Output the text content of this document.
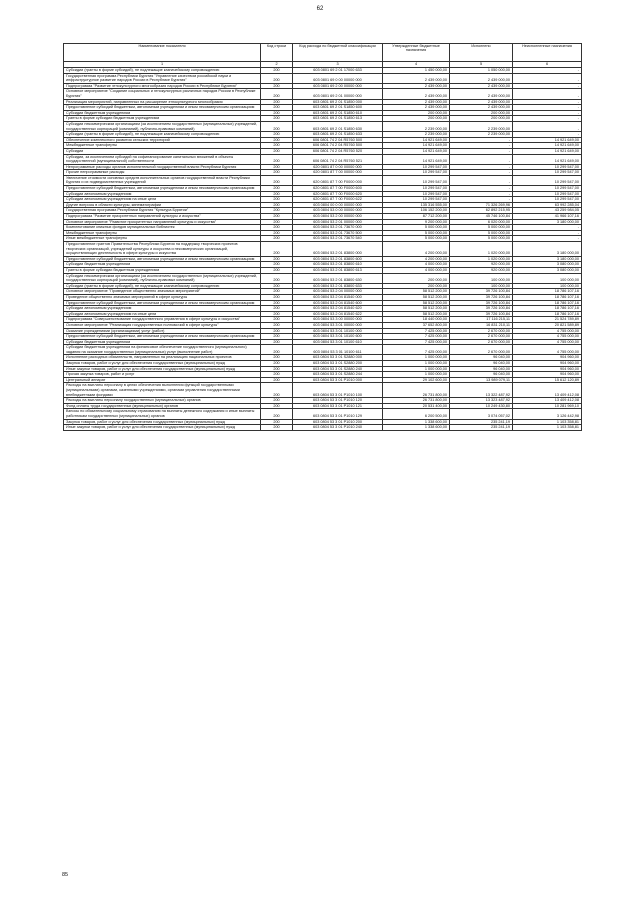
62
Наименование показателя	Код строки	Код расхода по бюджетной классификации	Утвержденные бюджетные назначения	Исполнено	Неисполненные назначения
1	2	3	4	5	6
Субсидии (гранты в форме субсидий), не подлежащие казначейскому сопровождению	200	603 0801 69 2 01 17000 633	1 450 000,00	1 050 000,00	-
Государственная программа Республики Бурятия "Управление качеством российской науки и инфраструктурное развитие народов России в Республике Бурятия"	200	603 0801 69 0 00 00000 000	2 439 000,00	2 439 000,00	-
Подпрограмма "Развитие этнокультурного многообразия народов России в Республике Бурятия"	200	603 0801 69 2 00 00000 000	2 439 000,00	2 439 000,00	-
Основное мероприятие "Создание социальных и этнокультурных различных народов России в Республике Бурятия"	200	603 0801 69 2 01 00000 000	2 439 000,00	2 439 000,00	-
Реализация мероприятий, направленных на расширение этнокультурного многообразия	200	603 0801 69 2 01 S1850 000	2 439 000,00	2 439 000,00	-
Предоставление субсидий бюджетным, автономным учреждениям и иным некоммерческим организациям	200	603 0801 69 2 01 S1850 600	2 439 000,00	2 439 000,00	-
Субсидии бюджетным учреждениям	200	603 0801 69 2 01 S1850 610	200 000,00	200 000,00	-
Гранты в форме субсидии бюджетным учреждениям	200	603 0801 69 2 01 S1850 613	200 000,00	200 000,00	-
Субсидии некоммерческим организациям (за исключением государственных (муниципальных) учреждений, государственных корпораций (компаний), публично-правовых компаний)	200	603 0801 69 2 01 S1850 630	2 239 000,00	2 239 000,00	-
Субсидии (гранты в форме субсидий), не подлежащие казначейскому сопровождению	200	603 0801 69 2 01 S1850 633	2 239 000,00	2 239 000,00	-
Обеспечение комплексного развития сельских территорий	200	606 0801 74 2 04 R5760 500	14 921 649,00	-	14 921 649,00
Межбюджетные трансферты	200	606 0801 74 2 04 R5760 500	14 921 649,00	-	14 921 649,00
Субсидии	200	606 0801 74 2 04 R5760 520	14 921 649,00	-	14 921 649,00
Субсидии, за исключением субсидий на софинансирование капитальных вложений в объекты государственной (муниципальной) собственности	200	606 0801 74 2 04 R5760 521	14 921 649,00	-	14 921 649,00
Непрограммные расходы органов исполнительной государственной власти Республики Бурятия	200	620 0801 87 0 00 00000 000	10 299 547,00	-	10 299 547,00
Прочие непрограммные расходы	200	620 0801 87 7 00 00000 000	10 299 547,00	-	10 299 547,00
Увеличение стоимости основных средств исполнительных органов государственной власти Республики Бурятия и их подведомственных учреждений	200	620 0801 87 7 00 F0000 000	10 299 547,00	-	10 299 547,00
Предоставление субсидий бюджетным, автономным учреждениям и иным некоммерческим организациям	200	620 0801 87 7 00 F0000 600	10 299 547,00	-	10 299 547,00
Субсидии автономным учреждениям	200	620 0801 87 7 00 F0000 620	10 299 547,00	-	10 299 547,00
Субсидии автономным учреждениям на иные цели	200	620 0801 87 7 00 F0000 622	10 299 547,00	-	10 299 547,00
Другие вопросы в области культуры, кинематографии	200	603 0804 00 0 00 00000 000	135 316 555,00	71 326 269,96	63 992 285,04
Государственная программа Республики Бурятия "Культура Бурятии"	200	603 0804 53 0 00 00000 000	106 152 200,00	62 892 215,95	43 259 984,05
Подпрограмма "Развитие приоритетных направлений культуры и искусства"	200	603 0804 53 2 00 00000 000	87 712 200,00	45 746 100,84	41 966 107,16
Основное мероприятие "Развитие приоритетных направлений культуры и искусства"	200	603 0804 53 2 01 00000 000	9 200 000,00	6 020 000,00	3 180 000,00
Комплектование книжных фондов муниципальных библиотек	200	603 0804 53 2 01 73670 000	5 000 000,00	5 000 000,00	-
Межбюджетные трансферты	200	603 0804 53 2 01 73670 500	5 000 000,00	5 000 000,00	-
Иные межбюджетные трансферты	200	603 0804 53 2 01 73670 540	5 000 000,00	5 000 000,00	-
Предоставление грантов Правительства Республики Бурятия на поддержку творческих проектов творческих организаций, учреждений культуры и искусства и некоммерческих организаций, осуществляющих деятельность в сфере культуры и искусства	200	603 0804 53 2 01 83800 000	4 200 000,00	1 020 000,00	3 180 000,00
Предоставление субсидий бюджетным, автономным учреждениям и иным некоммерческим организациям	200	603 0804 53 2 01 83800 600	4 200 000,00	1 020 000,00	3 180 000,00
Субсидии бюджетным учреждениям	200	603 0804 53 2 01 83800 610	4 000 000,00	920 000,00	3 080 000,00
Гранты в форме субсидии бюджетным учреждениям	200	603 0804 53 2 01 83800 613	4 000 000,00	920 000,00	3 080 000,00
Субсидии некоммерческим организациям (за исключением государственных (муниципальных) учреждений, государственных корпораций (компаний), публично-правовых компаний)	200	603 0804 53 2 01 83800 630	200 000,00	100 000,00	100 000,00
Субсидии (гранты в форме субсидий), не подлежащие казначейскому сопровождению	200	603 0804 53 2 01 83800 633	200 000,00	100 000,00	100 000,00
Основное мероприятие "Проведение общественно значимых мероприятий"	200	603 0804 53 2 04 00000 000	58 512 200,00	39 726 100,84	18 786 107,16
Проведение общественно значимых мероприятий в сфере культуры	200	603 0804 53 2 04 81540 000	58 512 200,00	39 726 100,84	18 786 107,16
Предоставление субсидий бюджетным, автономным учреждениям и иным некоммерческим организациям	200	603 0804 53 2 04 81540 600	58 512 200,00	39 726 100,84	18 786 107,16
Субсидии автономным учреждениям	200	603 0804 53 2 04 81540 620	58 512 200,00	39 726 100,84	18 786 107,16
Субсидии автономным учреждениям на иные цели	200	603 0804 53 2 04 81540 622	58 512 200,00	39 726 100,84	18 786 107,16
Подпрограмма "Совершенствование государственного управления в сфере культуры и искусства"	200	603 0804 53 3 00 00000 000	18 440 000,00	17 116 215,11	21 524 789,89
Основное мероприятие "Реализация государственных полномочий в сфере культуры"	200	603 0804 53 3 01 00000 000	37 652 800,00	16 831 210,11	20 821 589,89
Оказание учреждениями (организациями) услуг (работ)	200	603 0804 53 3 01 10100 000	7 425 000,00	2 670 000,00	4 755 000,00
Предоставление субсидий бюджетным, автономным учреждениям и иным некоммерческим организациям	200	603 0804 53 3 01 10100 600	7 425 000,00	2 670 000,00	4 755 000,00
Субсидии бюджетным учреждениям	200	603 0804 53 3 01 10100 610	7 425 000,00	2 670 000,00	4 755 000,00
Субсидии бюджетным учреждениям на финансовое обеспечение государственного (муниципального) задания на оказание государственных (муниципальных) услуг (выполнение работ)	200	603 0804 53 3 01 10100 611	7 425 000,00	2 670 000,00	4 755 000,00
Исполнение расходных обязательств, направленных на реализацию национальных проектов	200	603 0804 53 3 01 S2880 000	1 000 000,00	96 040,00	904 960,00
Закупка товаров, работ и услуг для обеспечения государственных (муниципальных) нужд	200	603 0804 53 3 01 S2880 200	1 000 000,00	96 040,00	904 960,00
Иные закупки товаров, работ и услуг для обеспечения государственных (муниципальных) нужд	200	603 0804 53 3 01 S2880 240	1 000 000,00	96 040,00	904 960,00
Прочая закупка товаров, работ и услуг	200	603 0804 53 3 01 S2880 244	1 000 000,00	96 040,00	904 960,00
Центральный аппарат	200	603 0804 53 3 01 P1010 000	29 102 600,00	13 989 079,11	15 612 120,89
Расходы на выплаты персоналу в целях обеспечения выполнения функций государственными (муниципальными) органами, казенными учреждениями, органами управления государственными внебюджетными фондами	200	603 0804 53 3 01 P1010 100	26 731 800,00	13 322 487,92	13 409 412,08
Расходы на выплаты персоналу государственных (муниципальных) органов	200	603 0804 53 3 01 P1010 120	26 731 800,00	13 323 487,92	13 409 412,08
Фонд оплаты труда государственных (муниципальных) органов	200	603 0804 53 3 01 P1010 121	20 531 400,00	10 249 430,80	10 281 969,10
Взносы по обязательному социальному страхованию на выплаты денежного содержания и иные выплаты работникам государственных (муниципальных) органов	200	603 0804 53 3 01 P1010 129	6 200 500,00	3 074 057,02	3 126 442,98
Закупка товаров, работ и услуг для обеспечения государственных (муниципальных) нужд	200	603 0804 53 3 01 P1010 200	1 338 600,00	235 241,19	1 103 358,81
Иные закупки товаров, работ и услуг для обеспечения государственных (муниципальных) нужд	200	603 0804 53 3 01 P1010 240	1 338 600,00	235 241,19	1 103 358,81
85
